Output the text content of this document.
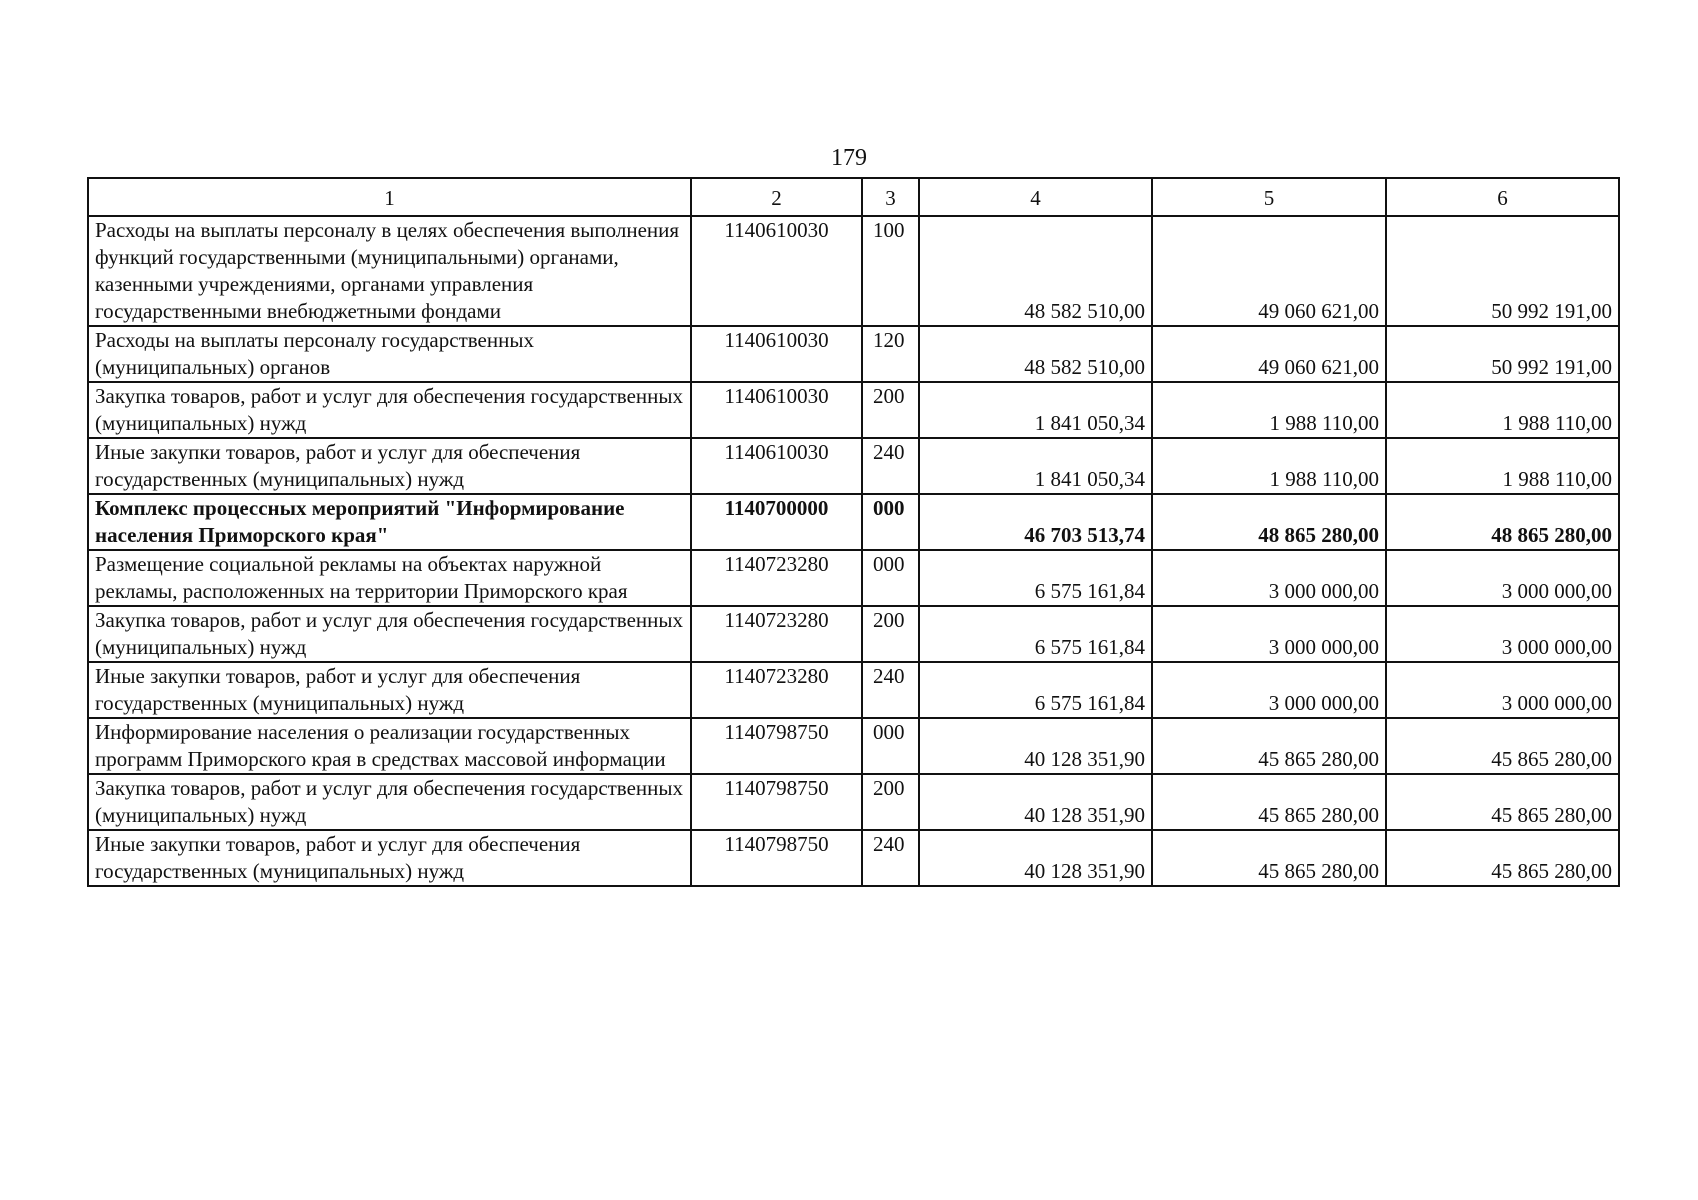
179
1	2	3	4	5	6
Расходы на выплаты персоналу в целях обеспечения выполнения функций государственными (муниципальными) органами, казенными учреждениями, органами управления государственными внебюджетными фондами	1140610030	100	48 582 510,00	49 060 621,00	50 992 191,00
Расходы на выплаты персоналу государственных (муниципальных) органов	1140610030	120	48 582 510,00	49 060 621,00	50 992 191,00
Закупка товаров, работ и услуг для обеспечения государственных (муниципальных) нужд	1140610030	200	1 841 050,34	1 988 110,00	1 988 110,00
Иные закупки товаров, работ и услуг для обеспечения государственных (муниципальных) нужд	1140610030	240	1 841 050,34	1 988 110,00	1 988 110,00
Комплекс процессных мероприятий "Информирование населения Приморского края"	1140700000	000	46 703 513,74	48 865 280,00	48 865 280,00
Размещение социальной рекламы на объектах наружной рекламы, расположенных на территории Приморского края	1140723280	000	6 575 161,84	3 000 000,00	3 000 000,00
Закупка товаров, работ и услуг для обеспечения государственных (муниципальных) нужд	1140723280	200	6 575 161,84	3 000 000,00	3 000 000,00
Иные закупки товаров, работ и услуг для обеспечения государственных (муниципальных) нужд	1140723280	240	6 575 161,84	3 000 000,00	3 000 000,00
Информирование населения о реализации государственных программ Приморского края в средствах массовой информации	1140798750	000	40 128 351,90	45 865 280,00	45 865 280,00
Закупка товаров, работ и услуг для обеспечения государственных (муниципальных) нужд	1140798750	200	40 128 351,90	45 865 280,00	45 865 280,00
Иные закупки товаров, работ и услуг для обеспечения государственных (муниципальных) нужд	1140798750	240	40 128 351,90	45 865 280,00	45 865 280,00
